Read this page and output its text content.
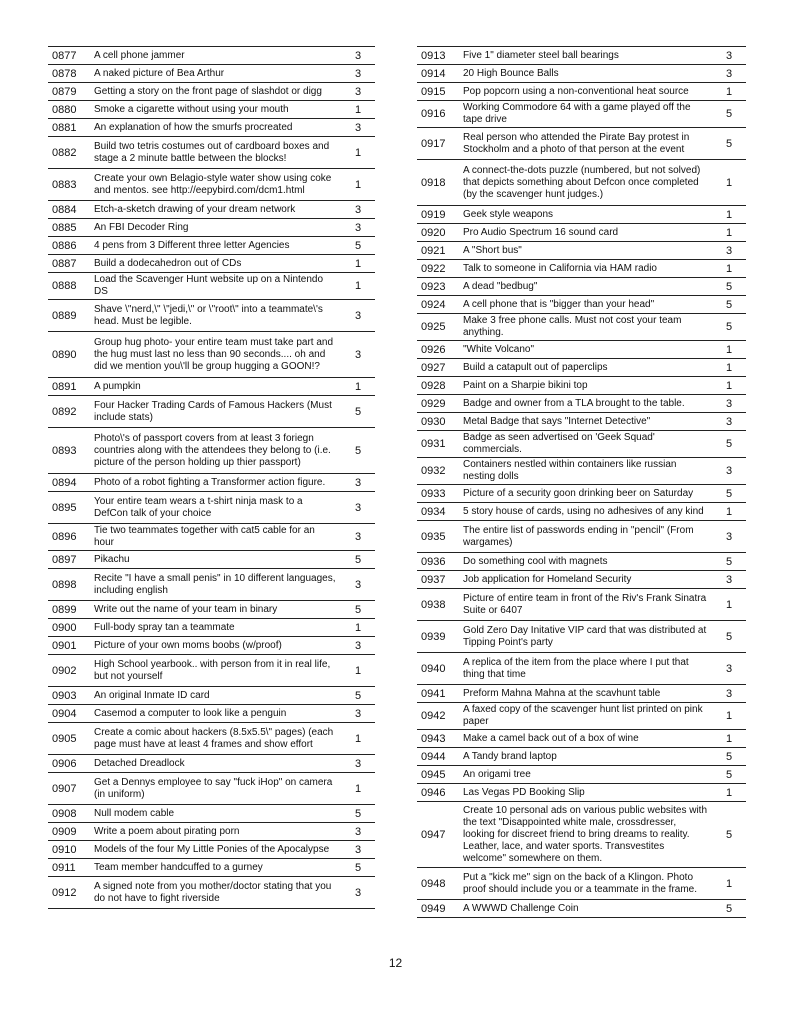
0877	A cell phone jammer	3
0878	A naked picture of Bea Arthur	3
0879	Getting a story on the front page of slashdot or digg	3
0880	Smoke a cigarette without using your mouth	1
0881	An explanation of how the smurfs procreated	3
0882	Build two tetris costumes out of cardboard boxes and stage a 2 minute battle between the blocks!	1
0883	Create your own Belagio-style water show using coke and mentos. see http://eepybird.com/dcm1.html	1
0884	Etch-a-sketch drawing of your dream network	3
0885	An FBI Decoder Ring	3
0886	4 pens from 3 Different three letter Agencies	5
0887	Build a dodecahedron out of CDs	1
0888	Load the Scavenger Hunt website up on a Nintendo DS	1
0889	Shave \"nerd,\" \"jedi,\" or \"root\" into a teammate\'s head. Must be legible.	3
0890	Group hug photo- your entire team must take part and the hug must last no less than 90 seconds.... oh and did we mention you\'ll be group hugging a GOON!?	3
0891	A pumpkin	1
0892	Four Hacker Trading Cards of Famous Hackers (Must include stats)	5
0893	Photo\'s of passport covers from at least 3 foriegn countries along with the attendees they belong to (i.e. picture of the person holding up thier passport)	5
0894	Photo of a robot fighting a Transformer action figure.	3
0895	Your entire team wears a t-shirt ninja mask to a DefCon talk of your choice	3
0896	Tie two teammates together with cat5 cable for an hour	3
0897	Pikachu	5
0898	Recite "I have a small penis" in 10 different languages, including english	3
0899	Write out the name of your team in binary	5
0900	Full-body spray tan a teammate	1
0901	Picture of your own moms boobs (w/proof)	3
0902	High School yearbook.. with person from it in real life, but not yourself	1
0903	An original Inmate ID card	5
0904	Casemod a computer to look like a penguin	3
0905	Create a comic about hackers (8.5x5.5\" pages) (each page must have at least 4 frames and show effort	1
0906	Detached Dreadlock	3
0907	Get a Dennys employee to say "fuck iHop" on camera (in uniform)	1
0908	Null modem cable	5
0909	Write a poem about pirating porn	3
0910	Models of the four My Little Ponies of the Apocalypse	3
0911	Team member handcuffed to a gurney	5
0912	A signed note from you mother/doctor stating that you do not have to fight riverside	3
0913	Five 1" diameter steel ball bearings	3
0914	20 High Bounce Balls	3
0915	Pop popcorn using a non-conventional heat source	1
0916	Working Commodore 64 with a game played off the tape drive	5
0917	Real person who attended the Pirate Bay protest in Stockholm and a photo of that person at the event	5
0918	A connect-the-dots puzzle (numbered, but not solved) that depicts something about Defcon once completed (by the scavenger hunt judges.)	1
0919	Geek style weapons	1
0920	Pro Audio Spectrum 16 sound card	1
0921	A "Short bus"	3
0922	Talk to someone in California via HAM radio	1
0923	A dead "bedbug"	5
0924	A cell phone that is "bigger than your head"	5
0925	Make 3 free phone calls. Must not cost your team anything.	5
0926	"White Volcano"	1
0927	Build a catapult out of paperclips	1
0928	Paint on a Sharpie bikini top	1
0929	Badge and owner from a TLA brought to the table.	3
0930	Metal Badge that says "Internet Detective"	3
0931	Badge as seen advertised on 'Geek Squad' commercials.	5
0932	Containers nestled within containers like russian nesting dolls	3
0933	Picture of a security goon drinking beer on Saturday	5
0934	5 story house of cards, using no adhesives of any kind	1
0935	The entire list of passwords ending in "pencil" (From wargames)	3
0936	Do something cool with magnets	5
0937	Job application for Homeland Security	3
0938	Picture of entire team in front of the Riv's Frank Sinatra Suite or 6407	1
0939	Gold Zero Day Initative VIP card that was distributed at Tipping Point's party	5
0940	A replica of the item from the place where I put that thing that time	3
0941	Preform Mahna Mahna at the scavhunt table	3
0942	A faxed copy of the scavenger hunt list printed on pink paper	1
0943	Make a camel back out of a box of wine	1
0944	A Tandy brand laptop	5
0945	An origami tree	5
0946	Las Vegas PD Booking Slip	1
0947	Create 10 personal ads on various public websites with the text "Disappointed white male, crossdresser, looking for discreet friend to bring dreams to reality. Leather, lace, and water sports. Transvestites welcome" somewhere on them.	5
0948	Put a "kick me" sign on the back of a Klingon. Photo proof should include you or a teammate in the frame.	1
0949	A WWWD Challenge Coin	5
12
